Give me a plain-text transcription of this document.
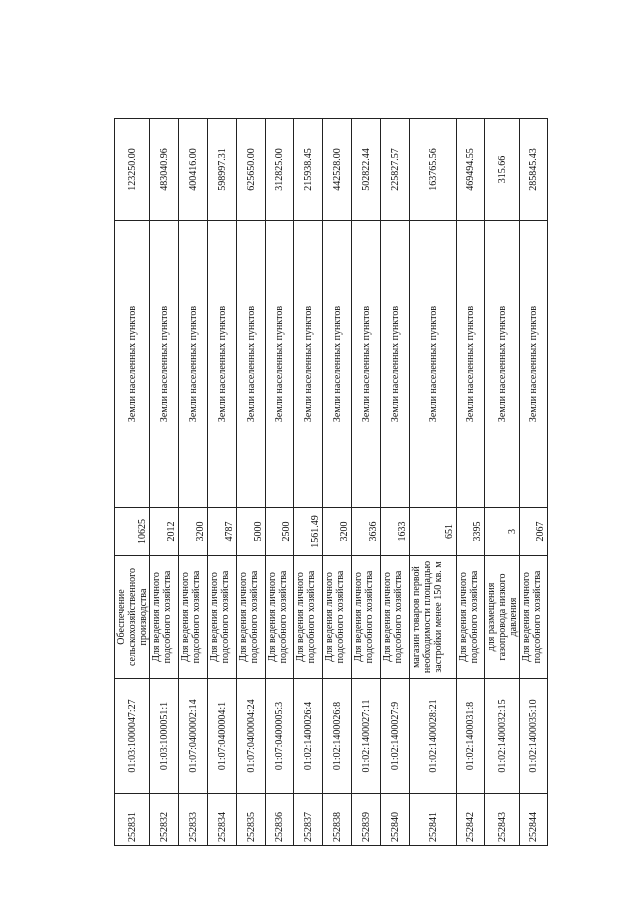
252831	01:03:1000047:27	Обеспечение сельскохозяйственного производства	10625	Земли населенных пунктов	123250.00
252832	01:03:1000051:1	Для ведения личного подсобного хозяйства	2012	Земли населенных пунктов	483040.96
252833	01:07:0400002:14	Для ведения личного подсобного хозяйства	3200	Земли населенных пунктов	400416.00
252834	01:07:0400004:1	Для ведения личного подсобного хозяйства	4787	Земли населенных пунктов	598997.31
252835	01:07:0400004:24	Для ведения личного подсобного хозяйства	5000	Земли населенных пунктов	625650.00
252836	01:07:0400005:3	Для ведения личного подсобного хозяйства	2500	Земли населенных пунктов	312825.00
252837	01:02:1400026:4	Для ведения личного подсобного хозяйства	1561.49	Земли населенных пунктов	215938.45
252838	01:02:1400026:8	Для ведения личного подсобного хозяйства	3200	Земли населенных пунктов	442528.00
252839	01:02:1400027:11	Для ведения личного подсобного хозяйства	3636	Земли населенных пунктов	502822.44
252840	01:02:1400027:9	Для ведения личного подсобного хозяйства	1633	Земли населенных пунктов	225827.57
252841	01:02:1400028:21	магазин товаров первой необходимости площадью застройки менее 150 кв. м	651	Земли населенных пунктов	163765.56
252842	01:02:1400031:8	Для ведения личного подсобного хозяйства	3395	Земли населенных пунктов	469494.55
252843	01:02:1400032:15	для размещения газопровода низкого давления	3	Земли населенных пунктов	315.66
252844	01:02:1400035:10	Для ведения личного подсобного хозяйства	2067	Земли населенных пунктов	285845.43
